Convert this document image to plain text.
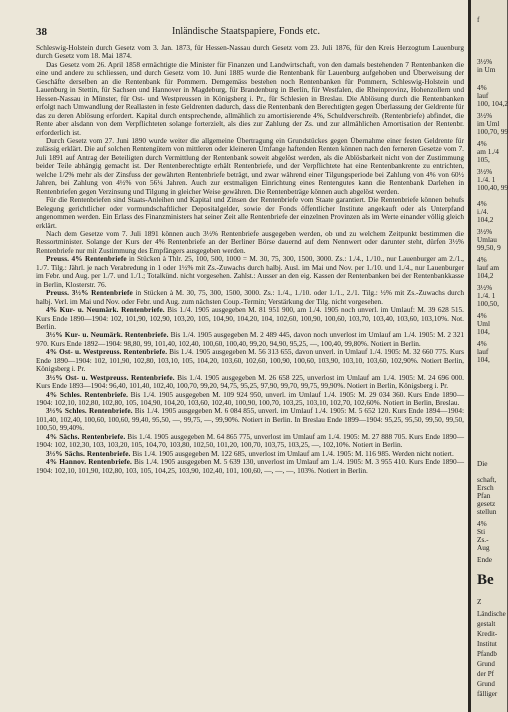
38	Inländische Staatspapiere, Fonds etc.

Schleswig-Holstein durch Gesetz vom 3. Jan. 1873, für Hessen-Nassau durch Gesetz vom 23. Juli 1876, für den Kreis Herzogtum Lauenburg durch Gesetz vom 18. Mai 1874.

Das Gesetz vom 26. April 1858 ermächtigte die Minister für Finanzen und Landwirtschaft, von den damals bestehenden 7 Rentenbanken die eine und andere zu schliessen, und durch Gesetz vom 10. Juni 1885 wurde die Rentenbank für Lauenburg aufgehoben und Überweisung der Geschäfte derselben an die Rentenbank für Pommern. Demgemäss bestehen noch Rentenbanken für Pommern, Schleswig-Holstein und Lauenburg in Stettin, für Sachsen und Hannover in Magdeburg, für Brandenburg in Berlin, für Westfalen, die Rheinprovinz, Hohenzollern und Hessen-Nassau in Münster, für Ost- und Westpreussen in Königsberg i. Pr., für Schlesien in Breslau. Die Ablösung durch die Rentenbanken erfolgt nach Umwandlung der Reallasten in feste Geldrenten dadurch, dass die Rentenbank den Berechtigten gegen Überlassung der Geldrente für das zu deren Ablösung erfordert. Kapital durch entsprechende, allmählich zu amortisierende 4%, Schuldverschreib. (Rentenbriefe) abfindet, die Rente aber alsdann von dem Verpflichteten solange forterzielt, als dies zur Zahlung der Zs. und zur allmählichen Amortisation der Rentenbr. erforderlich ist.

Durch Gesetz vom 27. Juni 1890 wurde weiter die allgemeine Übertragung ein Grundstückes gegen Übernahme einer festen Geldrente für zulässig erklärt. Die auf solchen Rentengütern von mittleren oder kleineren Umfange haftenden Renten können nach den ferneren Gesetze vom 7. Juli 1891 auf Antrag der Beteiligten durch Vermittlung der Rentenbank soweit abgelöst werden, als die Ablösbarkeit nicht von der Zustimmung beider Teile abhängig gemacht ist. Der Rentenberechtigte erhält Rentenbriefe, und der Verpflichtete hat eine Rentenbankrente zu entrichten, welche 1/2% mehr als der Zinsfuss der gewährten Rentenbriefe beträgt, und zwar während einer Tilgungsperiode bei Zahlung von 4% von 60½ Jahren, bei Zahlung von 4½% von 56¼ Jahren. Auch zur erstmaligen Einrichtung eines Rentengutes kann die Rentenbank Darlehen in Rentenbriefen gegen Verzinsung und Tilgung in gleicher Weise gewähren. Die Rentenbeträge können auch abgelöst werden.

Für die Rentenbriefen sind Staats-Anleihen und Kapital und Zinsen der Rentenbriefe vom Staate garantiert. Die Rentenbriefe können behufs Belegung gerichtlicher oder vormundschaftlicher Depositalgelder, sowie der Fonds öffentlicher Institute angekauft oder als Unterpfand angenommen werden. Ein Erlass des Finanzministers hat seiner Zeit alle Rentenbriefe der einzelnen Provinzen als im Werte einander völlig gleich erklärt.

Nach dem Gesetze vom 7. Juli 1891 können auch 3½% Rentenbriefe ausgegeben werden, ob und zu welchem Zeitpunkt bestimmen die Ressortminister. Solange der Kurs der 4% Rentenbriefe an der Berliner Börse dauernd auf dem Nennwert oder darunter steht, dürfen 3½% Rentenbriefe nur mit Zustimmung des Empfängers ausgegeben werden.

Preuss. 4% Rentenbriefe in Stücken à Thlr. 25, 100, 500, 1000 = M. 30, 75, 300, 1500, 3000. Zs.: 1./4., 1./10., nur Lauenburger am 2./1., 1./7. Tilg.: Jährl. je nach Verabredung in 1 oder 1½% mit Zs.-Zuwachs durch halbj. Ausl. im Mai und Nov. per 1./10. und 1./4., nur Lauenburger im Febr. und Aug. per 1./7. und 1./1.; Totalkünd. nicht vorgesehen. Zahlst.: Ausser an den eig. Kassen der Rentenbanken bei der Rentenbankkasse in Berlin, Klosterstr. 76.

Preuss. 3½% Rentenbriefe in Stücken à M. 30, 75, 300, 1500, 3000. Zs.: 1./4., 1./10. oder 1./1., 2./1. Tilg.: ½% mit Zs.-Zuwachs durch halbj. Verl. im Mai und Nov. oder Febr. und Aug. zum nächsten Coup.-Termin; Verstärkung der Tilg. nicht vorgesehen.

4% Kur- u. Neumärk. Rentenbriefe. Bis 1./4. 1905 ausgegeben M. 81 951 900, am 1./4. 1905 noch unverl. im Umlauf: M. 39 628 515. Kurs Ende 1890—1904: 102, 101,90, 102,90, 103,20, 105, 104,90, 104,20, 104, 102,60, 100,90, 100,60, 103,70, 103,40, 103,60, 103,10%. Not. Berlin.

3½% Kur- u. Neumärk. Rentenbriefe. Bis 1./4. 1905 ausgegeben M. 2 489 445, davon noch unverlost im Umlauf am 1./4. 1905: M. 2 321 970. Kurs Ende 1892—1904: 98,80, 99, 101,40, 102,40, 100,60, 100,40, 99,20, 94,90, 95,25, —, 100,40, 99,80%. Notiert in Berlin.

4% Ost- u. Westpreuss. Rentenbriefe. Bis 1./4. 1905 ausgegeben M. 56 313 655, davon unverl. in Umlauf 1./4. 1905: M. 32 660 775. Kurs Ende 1890—1904: 102, 101,90, 102,80, 103,10, 105, 104,20, 103,60, 102,60, 100,90, 100,60, 103,90, 103,10, 103,60, 102,90%. Notiert Berlin, Königsberg i. Pr.

3½% Ost- u. Westpreuss. Rentenbriefe. Bis 1./4. 1905 ausgegeben M. 26 658 225, unverlost im Umlauf am 1./4. 1905: M. 24 696 000. Kurs Ende 1893—1904: 96,40, 101,40, 102,40, 100,70, 99,20, 94,75, 95,25, 97,90, 99,70, 99,75, 99,90%. Notiert in Berlin, Königsberg i. Pr.

4% Schles. Rentenbriefe. Bis 1./4. 1905 ausgegeben M. 109 924 950, unverl. im Umlauf 1./4. 1905: M. 29 034 360. Kurs Ende 1890—1904: 102,10, 102,80, 102,80, 105, 104,90, 104,20, 103,60, 102,40, 100,90, 100,70, 103,25, 103,10, 102,70, 102,60%. Notiert in Berlin, Breslau.

3½% Schles. Rentenbriefe. Bis 1./4. 1905 ausgegeben M. 6 084 855, unverl. im Umlauf 1./4. 1905: M. 5 652 120. Kurs Ende 1894—1904: 101,40, 102,40, 100,60, 100,60, 99,40, 95,50, —, 99,75, —, 99,90%. Notiert in Berlin. In Breslau Ende 1899—1904: 95,25, 95,50, 99,50, 99,50, 100,50, 99,40%.

4% Sächs. Rentenbriefe. Bis 1./4. 1905 ausgegeben M. 64 865 775, unverlost im Umlauf am 1./4. 1905: M. 27 888 705. Kurs Ende 1890—1904: 102, 102,30, 103, 103,20, 105, 104,70, 103,80, 102,50, 101,20, 100,70, 103,75, 103,25, —, 102,10%. Notiert in Berlin.

3½% Sächs. Rentenbriefe. Bis 1./4. 1905 ausgegeben M. 122 685, unverlost im Umlauf am 1./4. 1905: M. 116 985. Werden nicht notiert.

4% Hannov. Rentenbriefe. Bis 1./4. 1905 ausgegeben M. 5 639 130, unverlost im Umlauf am 1./4. 1905: M. 3 955 410. Kurs Ende 1890—1904: 102,10, 101,90, 102,80, 103, 105, 104,25, 103,90, 102,40, 101, 100,60, —, —, —, 103%. Notiert in Berlin.

f
3½%
in Um
4%
lauf
100, 104,2
3½%
im Uml
100,70, 99
4%
am 1./4
105,
3½%
1./4. 1
100,40, 99
4%
i./4.
104,2
3½%
Umlau
99,50, 9
4%
lauf am
104,2
3½%
1./4. 1
100,50,
4%
Uml
104,
4%
lauf
104,
Die
schaft,
Ersch
Pfan
gesetz
stellun
4%
Sti
Zs.-
Aug
Ende
Be
Z
Ländische
gestalt
Kredit-
Institut
Pfandb
Grund
der Pf
Grund
fälliger
